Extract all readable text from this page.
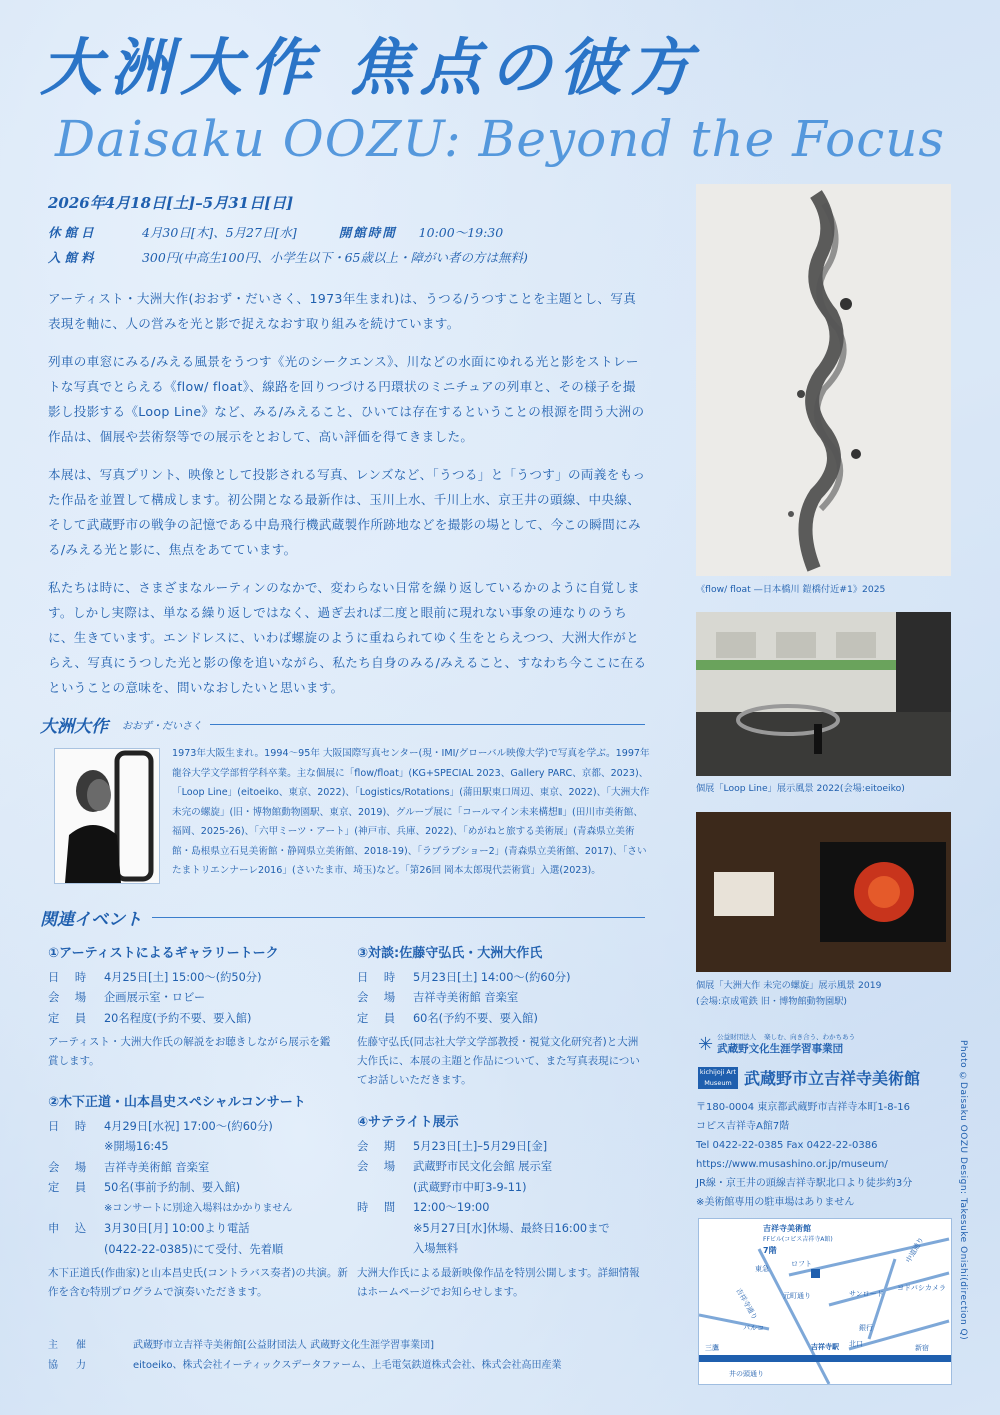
大洲大作 焦点の彼方
Daisaku OOZU: Beyond the Focus
2026年4月18日[土]–5月31日[日]
休館日	4月30日[木]、5月27日[水]	開館時間 10:00〜19:30
入館料	300円(中高生100円、小学生以下・65歳以上・障がい者の方は無料)

アーティスト・大洲大作(おおず・だいさく、1973年生まれ)は、うつる/うつすことを主題とし、写真表現を軸に、人の営みを光と影で捉えなおす取り組みを続けています。

列車の車窓にみる/みえる風景をうつす《光のシークエンス》、川などの水面にゆれる光と影をストレートな写真でとらえる《flow/ float》、線路を回りつづける円環状のミニチュアの列車と、その様子を撮影し投影する《Loop Line》など、みる/みえること、ひいては存在するということの根源を問う大洲の作品は、個展や芸術祭等での展示をとおして、高い評価を得てきました。

本展は、写真プリント、映像として投影される写真、レンズなど、「うつる」と「うつす」の両義をもった作品を並置して構成します。初公開となる最新作は、玉川上水、千川上水、京王井の頭線、中央線、そして武蔵野市の戦争の記憶である中島飛行機武蔵製作所跡地などを撮影の場として、今この瞬間にみる/みえる光と影に、焦点をあてています。

私たちは時に、さまざまなルーティンのなかで、変わらない日常を繰り返しているかのように自覚します。しかし実際は、単なる繰り返しではなく、過ぎ去れば二度と眼前に現れない事象の連なりのうちに、生きています。エンドレスに、いわば螺旋のように重ねられてゆく生をとらえつつ、大洲大作がとらえ、写真にうつした光と影の像を追いながら、私たち自身のみる/みえること、すなわち今ここに在るということの意味を、問いなおしたいと思います。

大洲大作 おおず・だいさく
1973年大阪生まれ。1994〜95年 大阪国際写真センター(現・IMI/グローバル映像大学)で写真を学ぶ。1997年 龍谷大学文学部哲学科卒業。主な個展に「flow/float」(KG+SPECIAL 2023、Gallery PARC、京都、2023)、「Loop Line」(eitoeiko、東京、2022)、「Logistics/Rotations」(蒲田駅東口周辺、東京、2022)、「大洲大作 未完の螺旋」(旧・博物館動物園駅、東京、2019)、グループ展に「コールマイン未来構想Ⅱ」(田川市美術館、福岡、2025-26)、「六甲ミーツ・アート」(神戸市、兵庫、2022)、「めがねと旅する美術展」(青森県立美術館・島根県立石見美術館・静岡県立美術館、2018-19)、「ラブラブショー2」(青森県立美術館、2017)、「さいたまトリエンナーレ2016」(さいたま市、埼玉)など。「第26回 岡本太郎現代芸術賞」入選(2023)。
関連イベント
①アーティストによるギャラリートーク
日 時	4月25日[土] 15:00〜(約50分)
会 場	企画展示室・ロビー
定 員	20名程度(予約不要、要入館)
アーティスト・大洲大作氏の解説をお聴きしながら展示を鑑賞します。
②木下正道・山本昌史スペシャルコンサート
日 時	4月29日[水祝] 17:00〜(約60分)
※開場16:45
会 場	吉祥寺美術館 音楽室
定 員	50名(事前予約制、要入館)
※コンサートに別途入場料はかかりません
申 込	3月30日[月] 10:00より電話
(0422-22-0385)にて受付、先着順
木下正道氏(作曲家)と山本昌史氏(コントラバス奏者)の共演。新作を含む特別プログラムで演奏いただきます。
③対談:佐藤守弘氏・大洲大作氏
日 時	5月23日[土] 14:00〜(約60分)
会 場	吉祥寺美術館 音楽室
定 員	60名(予約不要、要入館)
佐藤守弘氏(同志社大学文学部教授・視覚文化研究者)と大洲大作氏に、本展の主題と作品について、また写真表現についてお話しいただきます。
④サテライト展示
会 期	5月23日[土]–5月29日[金]
会 場	武蔵野市民文化会館 展示室
(武蔵野市中町3-9-11)
時 間	12:00〜19:00
※5月27日[水]休場、最終日16:00まで
入場無料
大洲大作氏による最新映像作品を特別公開します。詳細情報はホームページでお知らせします。
《flow/ float —日本橋川 鎧橋付近#1》2025
個展「Loop Line」展示風景 2022(会場:eitoeiko)
個展「大洲大作 未完の螺旋」展示風景 2019
(会場:京成電鉄 旧・博物館動物園駅)
✳ 公益財団法人 楽しむ、向き合う、わかちあう
武蔵野文化生涯学習事業団
kichijoji Art Museum 武蔵野市立吉祥寺美術館
〒180-0004 東京都武蔵野市吉祥寺本町1-8-16
コピス吉祥寺A館7階
Tel 0422-22-0385 Fax 0422-22-0386
https://www.musashino.or.jp/museum/
JR線・京王井の頭線吉祥寺駅北口より徒歩約3分
※美術館専用の駐車場はありません
吉祥寺美術館
FFビル(コピス吉祥寺A館)
7階
東急
ロフト
元町通り
吉祥寺通り	サンロード
中道通り
ヨドバシカメラ
パルコ	銀行
北口
吉祥寺駅
井の頭通り
三鷹	新宿
主催	武蔵野市立吉祥寺美術館[公益財団法人 武蔵野文化生涯学習事業団]
協力	eitoeiko、株式会社イーティックスデータファーム、上毛電気鉄道株式会社、株式会社高田産業
Photo ©Daisaku OOZU Design: Takesuke Onishi(direction Q)
